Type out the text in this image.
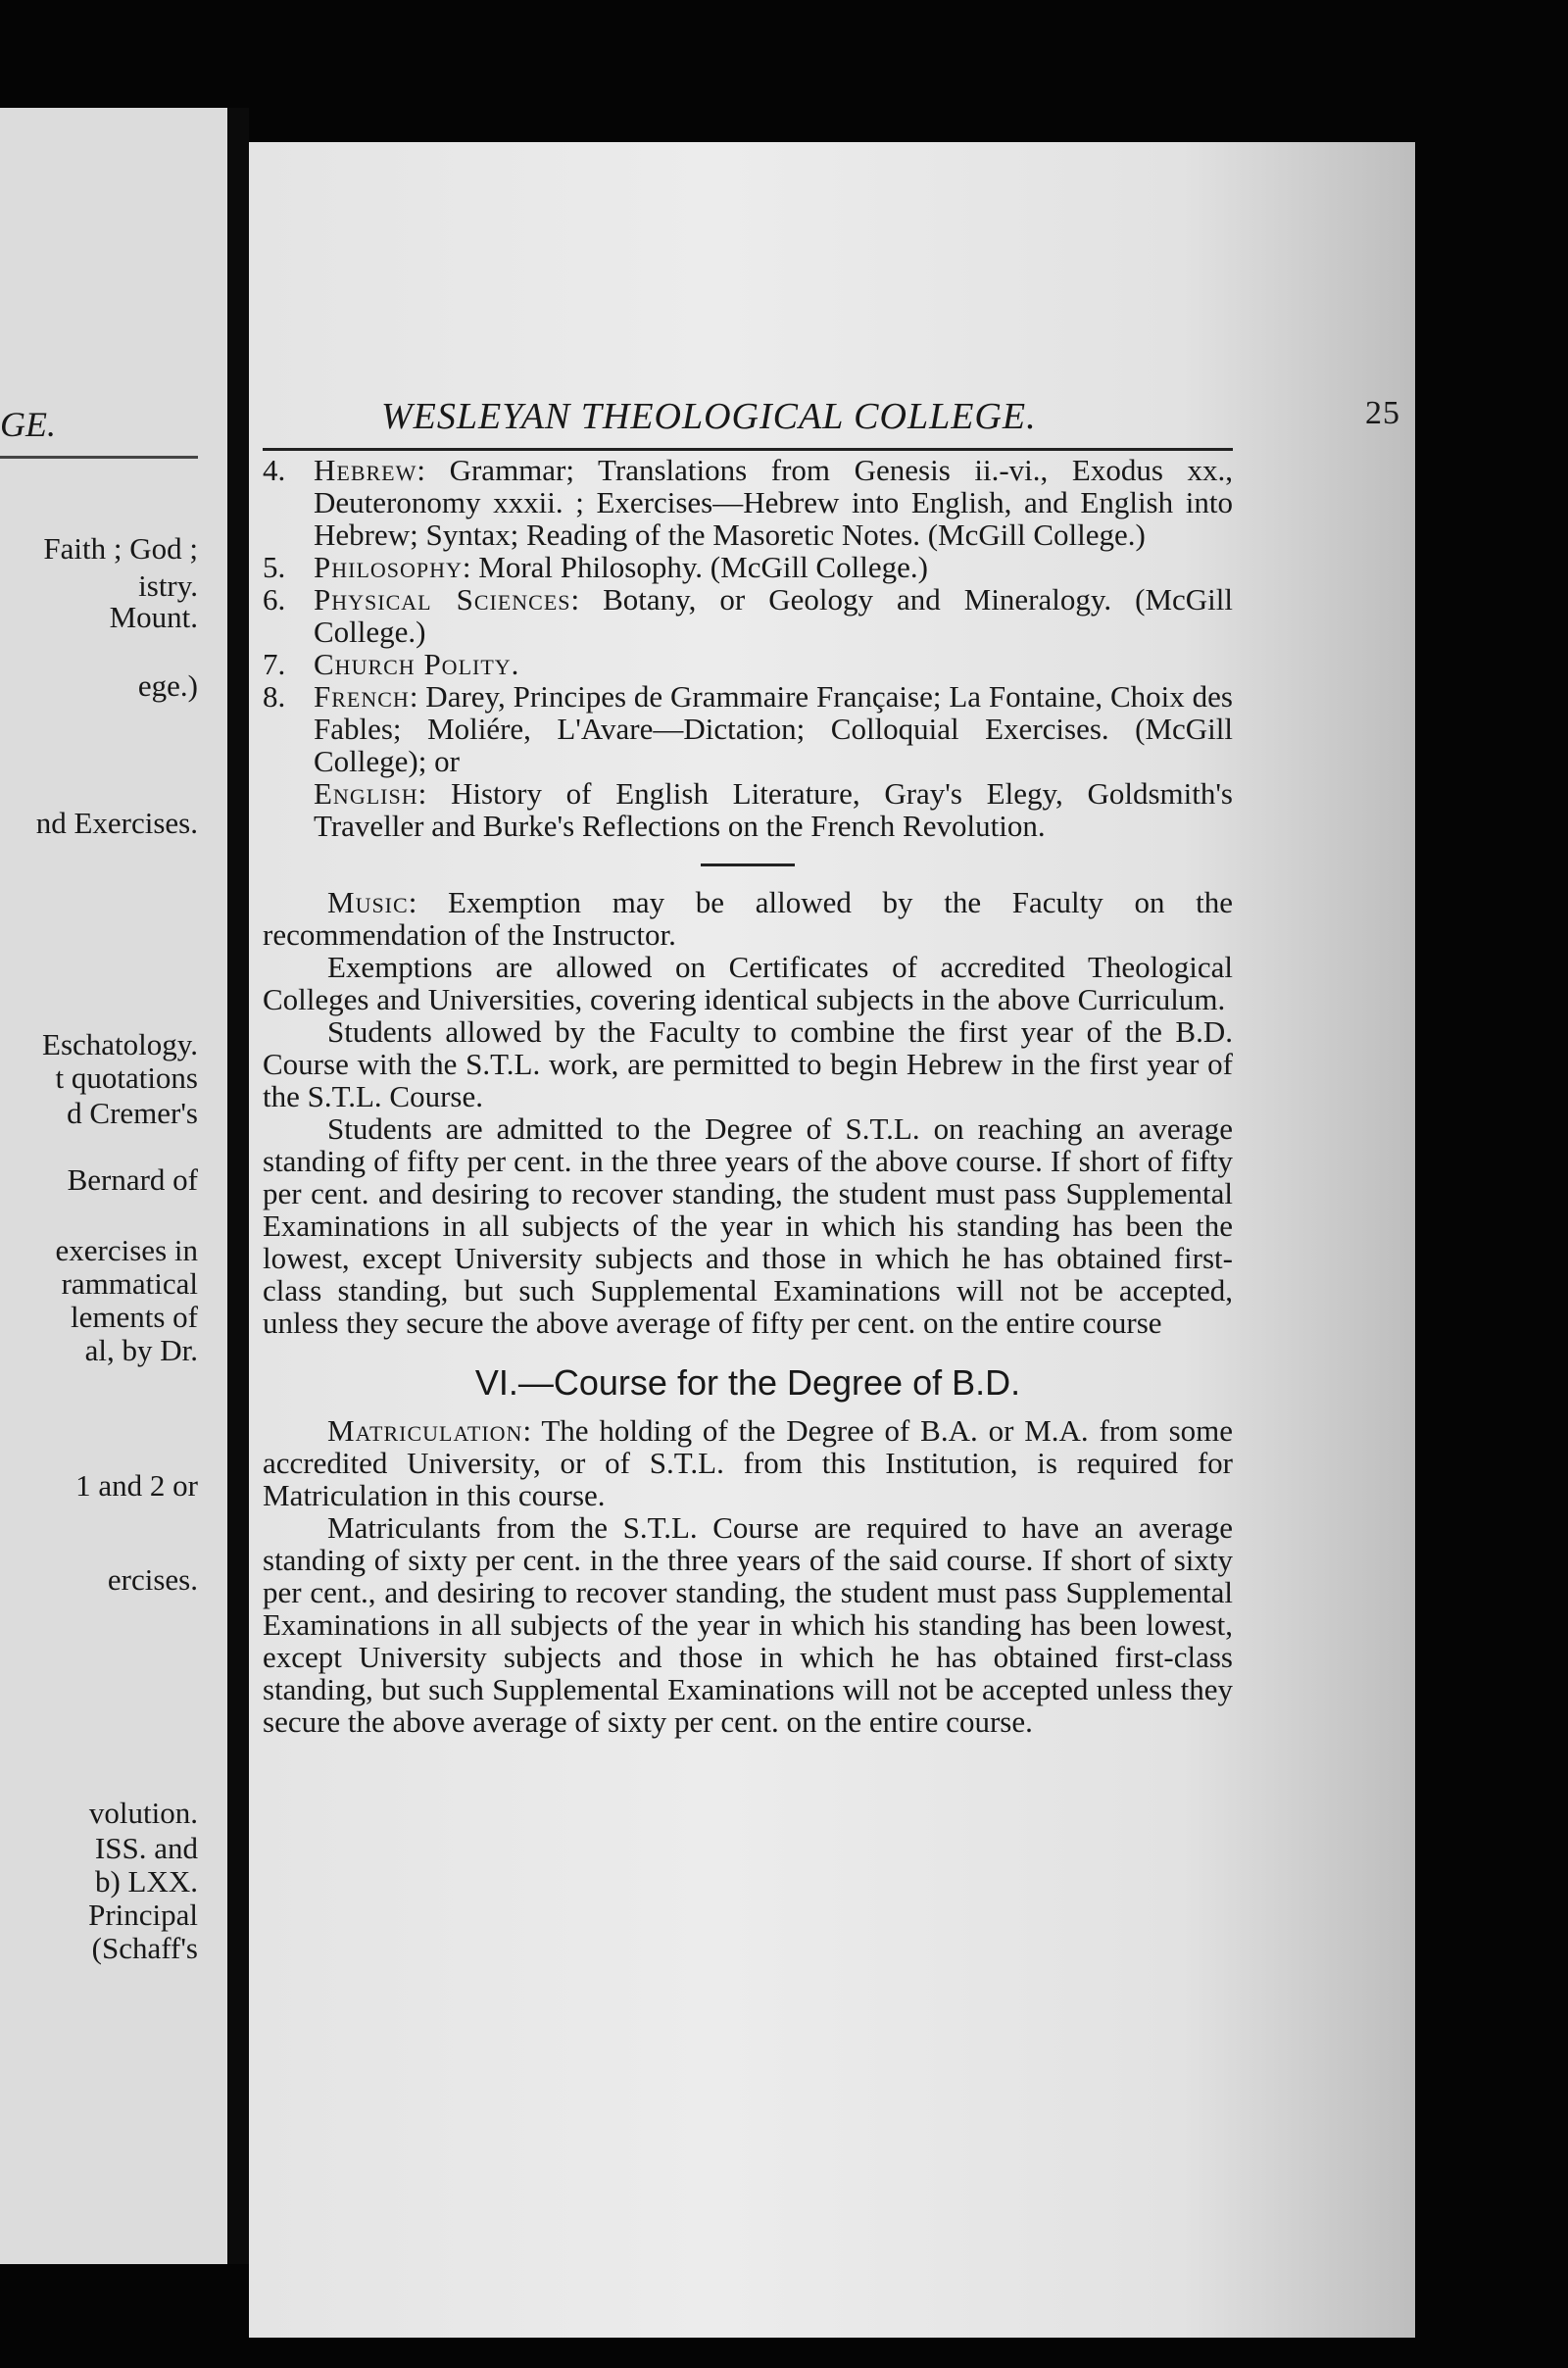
GE.
Faith ; God ;
istry.
Mount.
ege.)
nd Exercises.
Eschatology.
t quotations
d Cremer's
Bernard of
exercises in
rammatical
lements of
al, by Dr.
1 and 2 or
ercises.
volution.
ISS. and
b) LXX.
Principal
(Schaff's
WESLEYAN THEOLOGICAL COLLEGE.	25
4. Hebrew: Grammar; Translations from Genesis ii.-vi., Exodus xx., Deuteronomy xxxii. ; Exercises—Hebrew into English, and English into Hebrew; Syntax; Reading of the Masoretic Notes. (McGill College.)
5. Philosophy: Moral Philosophy. (McGill College.)
6. Physical Sciences: Botany, or Geology and Mineralogy. (McGill College.)
7. Church Polity.
8. French: Darey, Principes de Grammaire Française; La Fontaine, Choix des Fables; Moliére, L'Avare—Dictation; Colloquial Exercises. (McGill College); or
English: History of English Literature, Gray's Elegy, Goldsmith's Traveller and Burke's Reflections on the French Revolution.

Music: Exemption may be allowed by the Faculty on the recommendation of the Instructor.

Exemptions are allowed on Certificates of accredited Theological Colleges and Universities, covering identical subjects in the above Curriculum.

Students allowed by the Faculty to combine the first year of the B.D. Course with the S.T.L. work, are permitted to begin Hebrew in the first year of the S.T.L. Course.

Students are admitted to the Degree of S.T.L. on reaching an average standing of fifty per cent. in the three years of the above course. If short of fifty per cent. and desiring to recover standing, the student must pass Supplemental Examinations in all subjects of the year in which his standing has been the lowest, except University subjects and those in which he has obtained first-class standing, but such Supplemental Examinations will not be accepted, unless they secure the above average of fifty per cent. on the entire course

VI.—Course for the Degree of B.D.

Matriculation: The holding of the Degree of B.A. or M.A. from some accredited University, or of S.T.L. from this Institution, is required for Matriculation in this course.

Matriculants from the S.T.L. Course are required to have an average standing of sixty per cent. in the three years of the said course. If short of sixty per cent., and desiring to recover standing, the student must pass Supplemental Examinations in all subjects of the year in which his standing has been lowest, except University subjects and those in which he has obtained first-class standing, but such Supplemental Examinations will not be accepted unless they secure the above average of sixty per cent. on the entire course.
